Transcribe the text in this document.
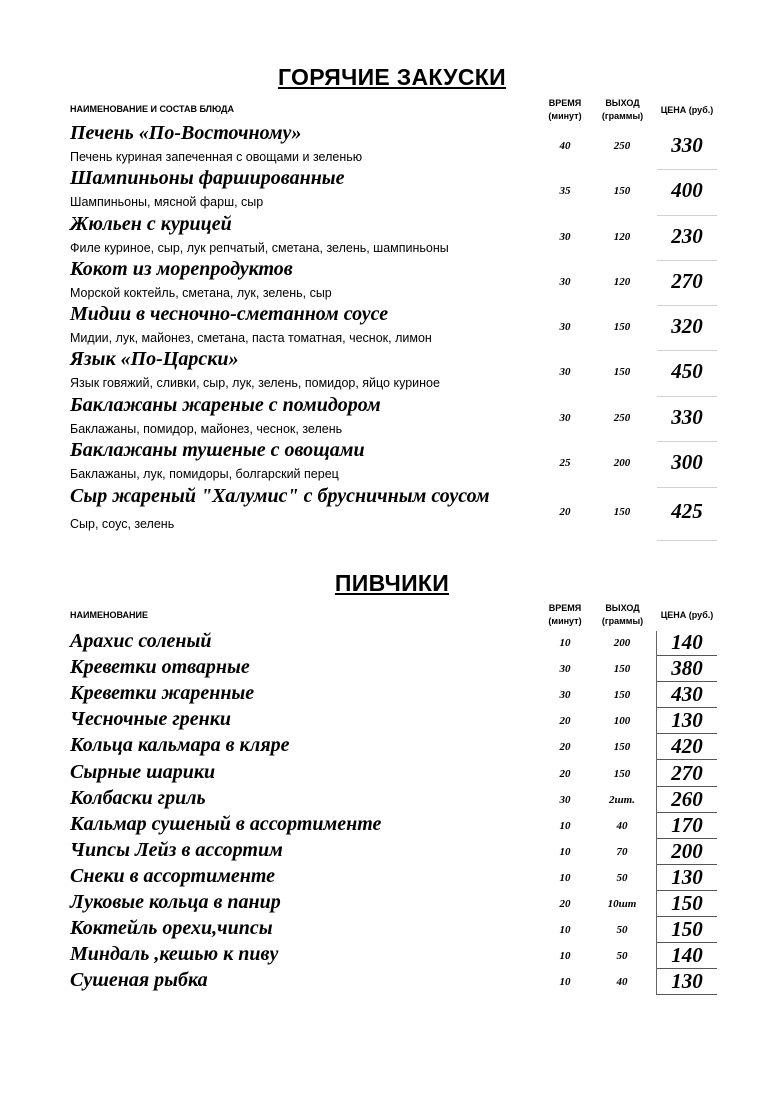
ГОРЯЧИЕ ЗАКУСКИ
НАИМЕНОВАНИЕ И СОСТАВ БЛЮДА
ВРЕМЯ
(минут)
ВЫХОД
(граммы)
ЦЕНА (руб.)
Печень «По-Восточному»
Печень куриная запеченная с овощами и зеленью
40	250	330
Шампиньоны фаршированные
Шампиньоны, мясной фарш, сыр
35	150	400
Жюльен с курицей
Филе куриное, сыр, лук репчатый, сметана, зелень, шампиньоны
30	120	230
Кокот из морепродуктов
Морской коктейль, сметана, лук, зелень, сыр
30	120	270
Мидии в чесночно-сметанном соусе
Мидии, лук, майонез, сметана, паста томатная, чеснок, лимон
30	150	320
Язык «По-Царски»
Язык говяжий, сливки, сыр, лук, зелень, помидор, яйцо куриное
30	150	450
Баклажаны жареные с помидором
Баклажаны, помидор, майонез, чеснок, зелень
30	250	330
Баклажаны тушеные с овощами
Баклажаны, лук, помидоры, болгарский перец
25	200	300
Сыр жареный "Халумис" с брусничным соусом
Сыр, соус, зелень
20	150	425
ПИВЧИКИ
НАИМЕНОВАНИЕ
ВРЕМЯ
(минут)
ВЫХОД
(граммы)
ЦЕНА (руб.)
Арахис соленый	10	200	140
Креветки отварные	30	150	380
Креветки жаренные	30	150	430
Чесночные гренки	20	100	130
Кольца кальмара в кляре	20	150	420
Сырные шарики	20	150	270
Колбаски гриль	30	2шт.	260
Кальмар сушеный в ассортименте	10	40	170
Чипсы Лейз в ассортим	10	70	200
Снеки в ассортименте	10	50	130
Луковые кольца в панир	20	10шт	150
Коктейль орехи,чипсы	10	50	150
Миндаль ,кешью к пиву	10	50	140
Сушеная рыбка	10	40	130
